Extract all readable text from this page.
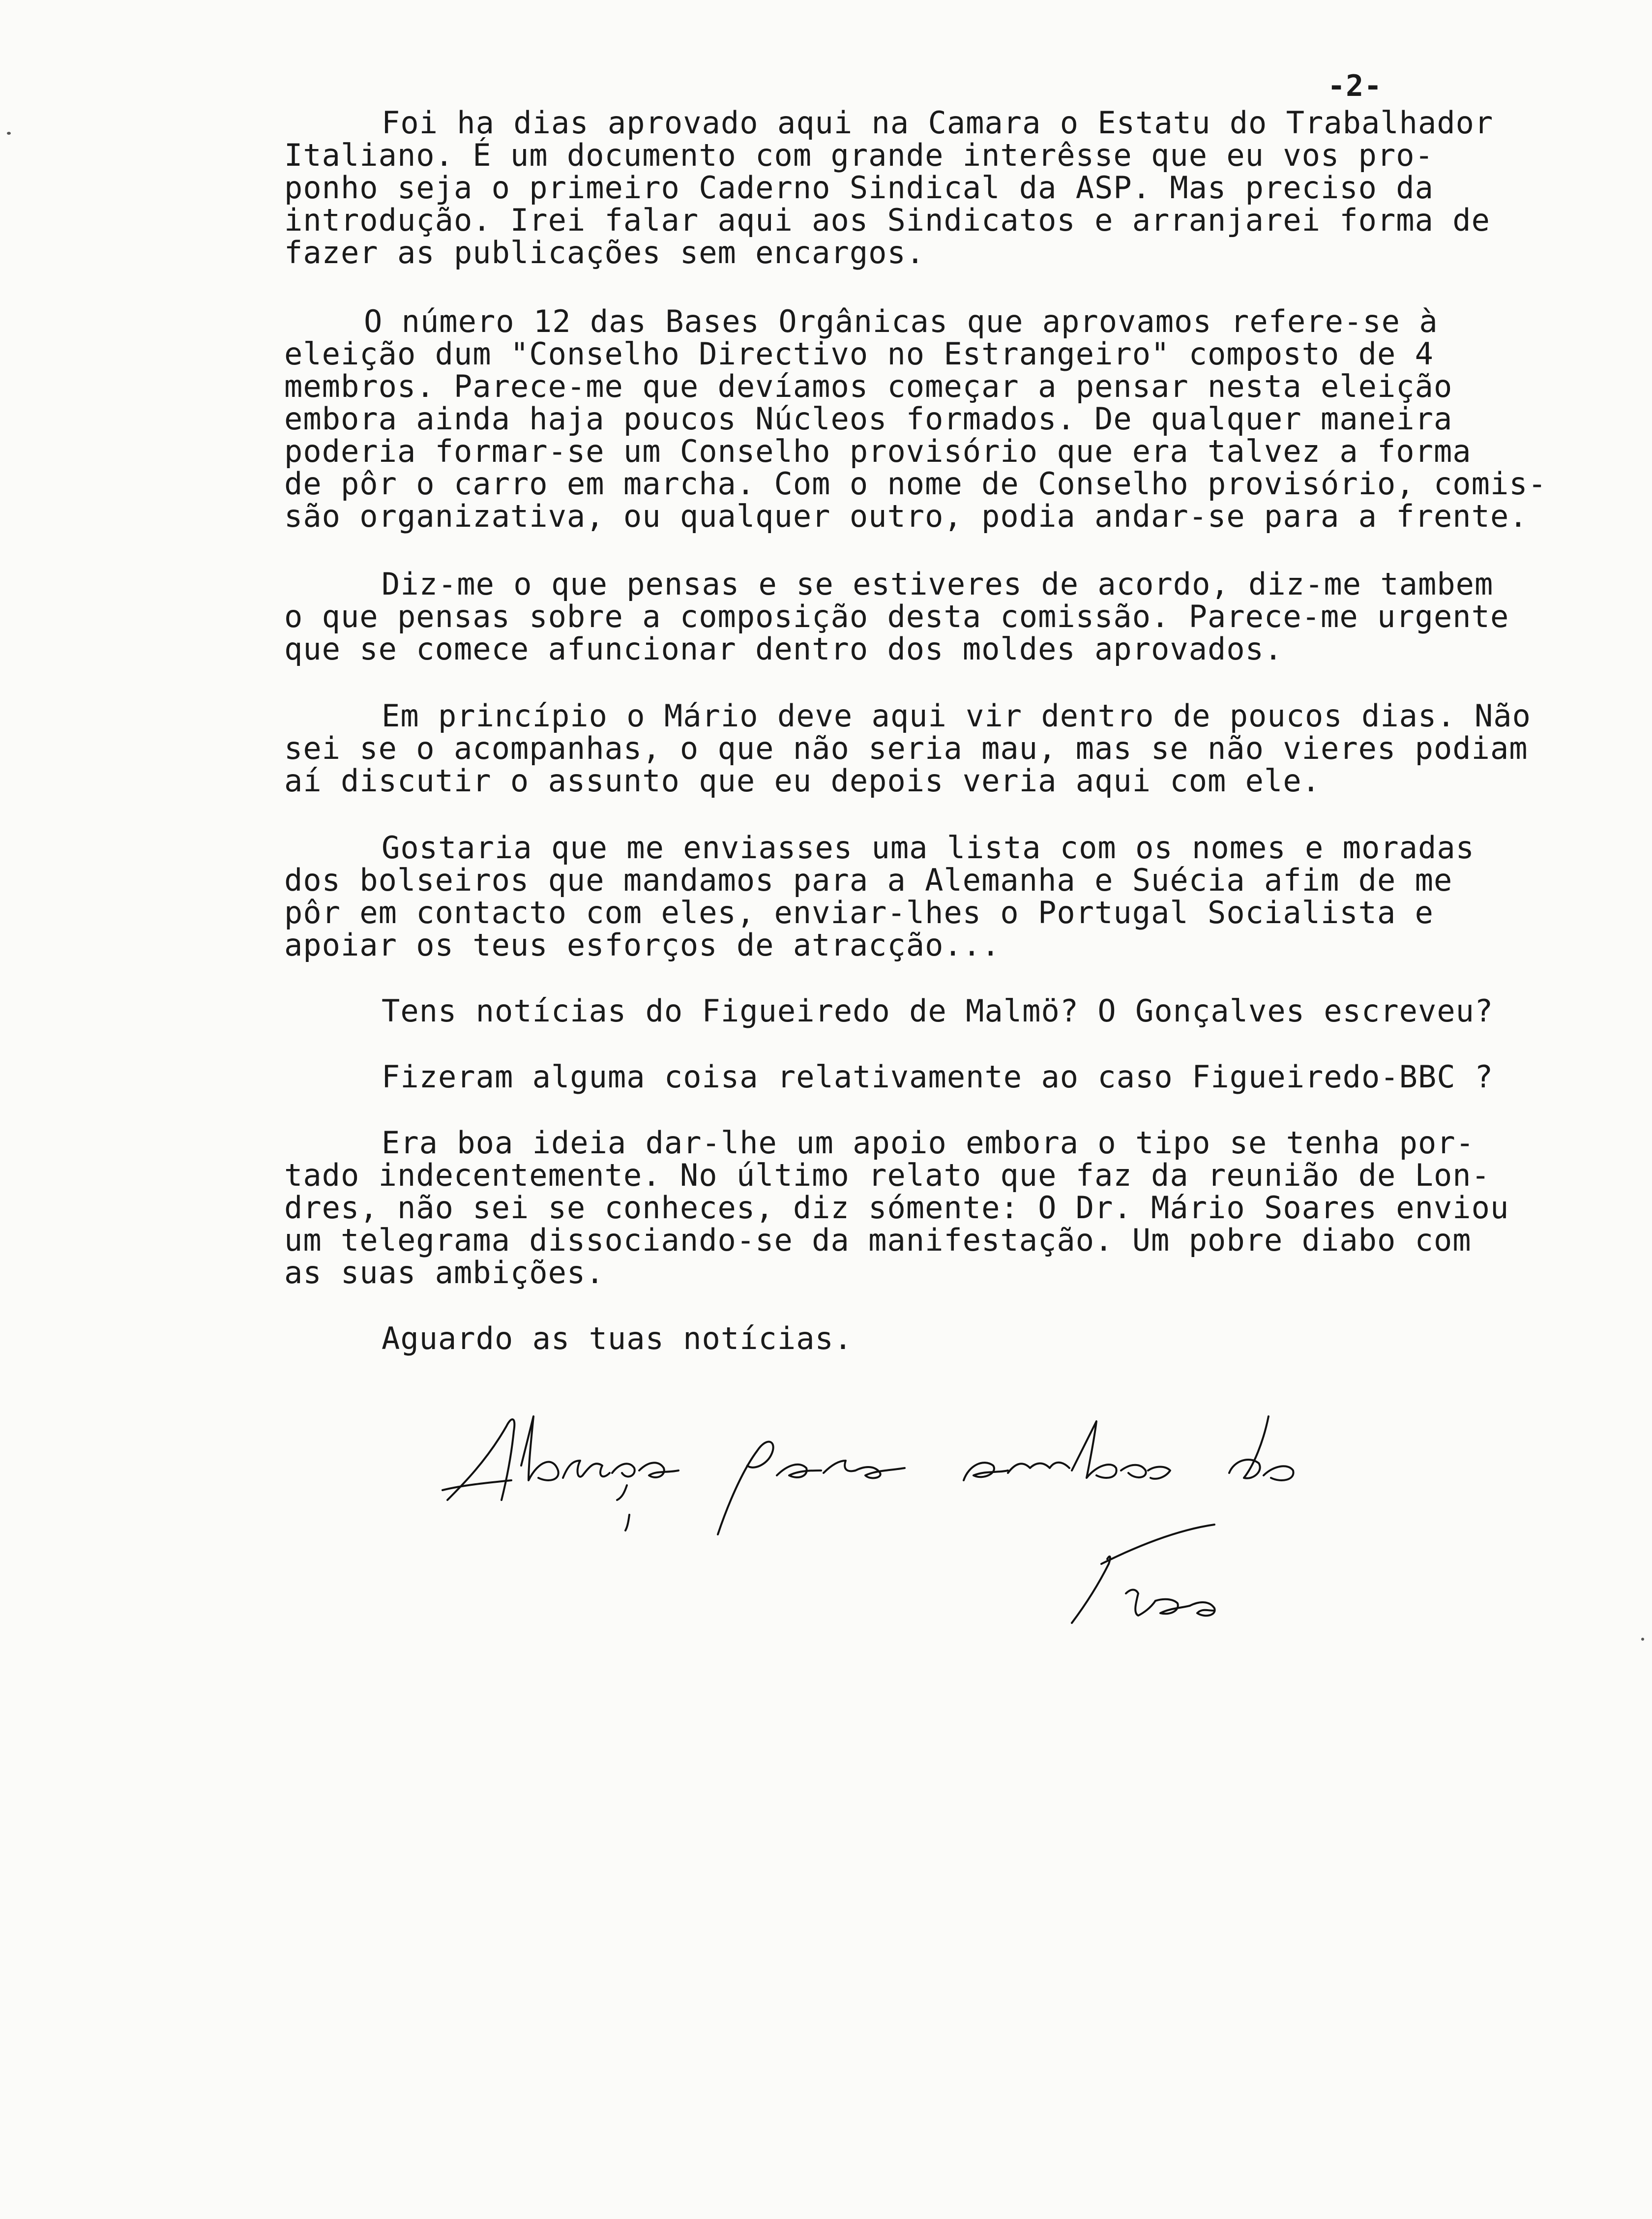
-2-
Foi ha dias aprovado aqui na Camara o Estatu do Trabalhador
Italiano. É um documento com grande interêsse que eu vos pro-
ponho seja o primeiro Caderno Sindical da ASP. Mas preciso da
introdução. Irei falar aqui aos Sindicatos e arranjarei forma de
fazer as publicações sem encargos.
O número 12 das Bases Orgânicas que aprovamos refere-se à
eleição dum "Conselho Directivo no Estrangeiro" composto de 4
membros. Parece-me que devíamos começar a pensar nesta eleição
embora ainda haja poucos Núcleos formados. De qualquer maneira
poderia formar-se um Conselho provisório que era talvez a forma
de pôr o carro em marcha. Com o nome de Conselho provisório, comis-
são organizativa, ou qualquer outro, podia andar-se para a frente.
Diz-me o que pensas e se estiveres de acordo, diz-me tambem
o que pensas sobre a composição desta comissão. Parece-me urgente
que se comece afuncionar dentro dos moldes aprovados.
Em princípio o Mário deve aqui vir dentro de poucos dias. Não
sei se o acompanhas, o que não seria mau, mas se não vieres podiam
aí discutir o assunto que eu depois veria aqui com ele.
Gostaria que me enviasses uma lista com os nomes e moradas
dos bolseiros que mandamos para a Alemanha e Suécia afim de me
pôr em contacto com eles, enviar-lhes o Portugal Socialista e
apoiar os teus esforços de atracção...
Tens notícias do Figueiredo de Malmö? O Gonçalves escreveu?
Fizeram alguma coisa relativamente ao caso Figueiredo-BBC ?
Era boa ideia dar-lhe um apoio embora o tipo se tenha por-
tado indecentemente. No último relato que faz da reunião de Lon-
dres, não sei se conheces, diz sómente: O Dr. Mário Soares enviou
um telegrama dissociando-se da manifestação. Um pobre diabo com
as suas ambições.
Aguardo as tuas notícias.
